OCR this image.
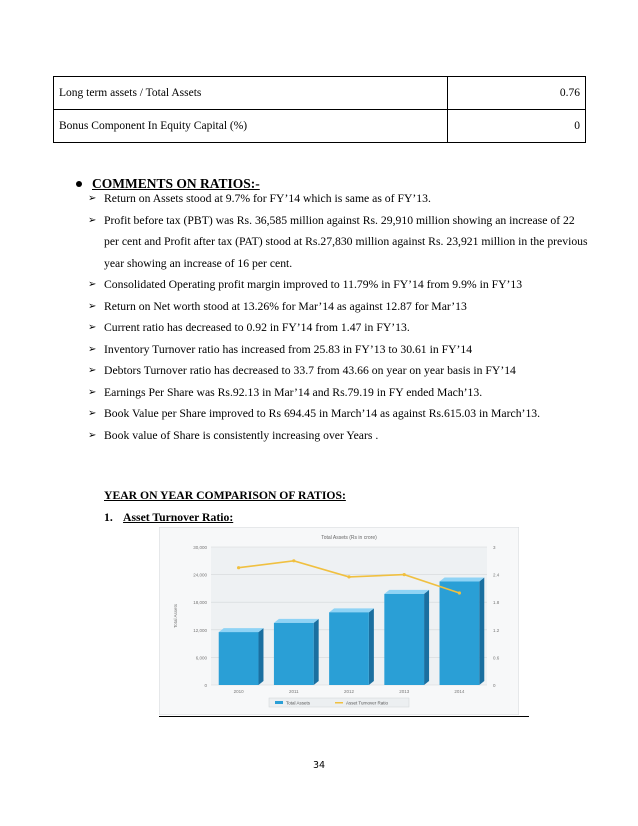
Long term assets / Total Assets	0.76
Bonus Component In Equity Capital (%)	0
COMMENTS ON RATIOS:-
➢ Return on Assets stood at 9.7% for FY’14 which is same as of FY’13.
➢ Profit before tax (PBT) was Rs. 36,585 million against Rs. 29,910 million showing an increase of 22 per cent and Profit after tax (PAT) stood at Rs.27,830 million against Rs. 23,921 million in the previous year showing an increase of 16 per cent.
➢ Consolidated Operating profit margin improved to 11.79% in FY’14 from 9.9% in FY’13
➢ Return on Net worth stood at 13.26% for Mar’14 as against 12.87 for Mar’13
➢ Current ratio has decreased to 0.92 in FY’14 from 1.47 in FY’13.
➢ Inventory Turnover ratio has increased from 25.83 in FY’13 to 30.61 in FY’14
➢ Debtors Turnover ratio has decreased to 33.7 from 43.66 on year on year basis in FY’14
➢ Earnings Per Share was Rs.92.13 in Mar’14 and Rs.79.19 in FY ended Mach’13.
➢ Book Value per Share improved to Rs 694.45 in March’14 as against Rs.615.03 in March’13.
➢ Book value of Share is consistently increasing over Years .
YEAR ON YEAR COMPARISON OF RATIOS:
1. Asset Turnover Ratio:
Total Assets (Rs in crore)
0
6,000
12,000
18,000
24,000
30,000
0
0.6
1.2
1.8
2.4
3
Total Assets
2010	2011	2012	2013	2014
Total Assets	Asset Turnover Ratio
34
